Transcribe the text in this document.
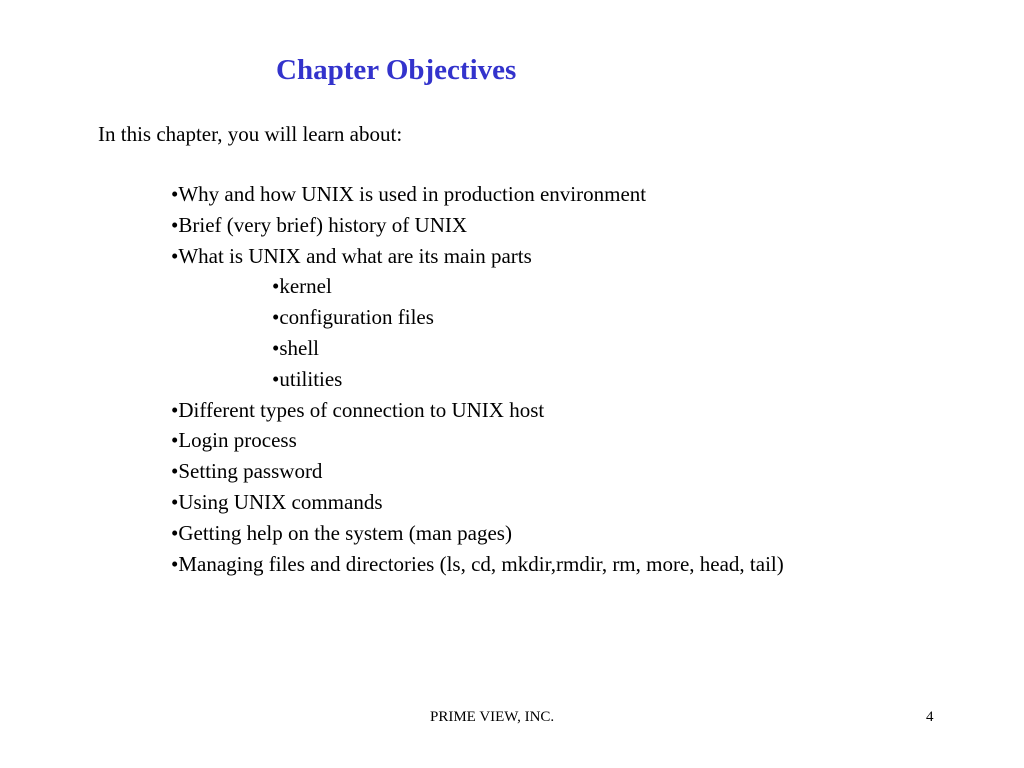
Chapter Objectives
In this chapter, you will learn about:
•Why and how UNIX is used in production environment
•Brief (very brief) history of UNIX
•What is UNIX and what are its main parts
•kernel
•configuration files
•shell
•utilities
•Different types of connection to UNIX host
•Login process
•Setting password
•Using UNIX commands
•Getting help on the system (man pages)
•Managing files and directories (ls, cd, mkdir,rmdir, rm, more, head, tail)
PRIME VIEW, INC.	4
